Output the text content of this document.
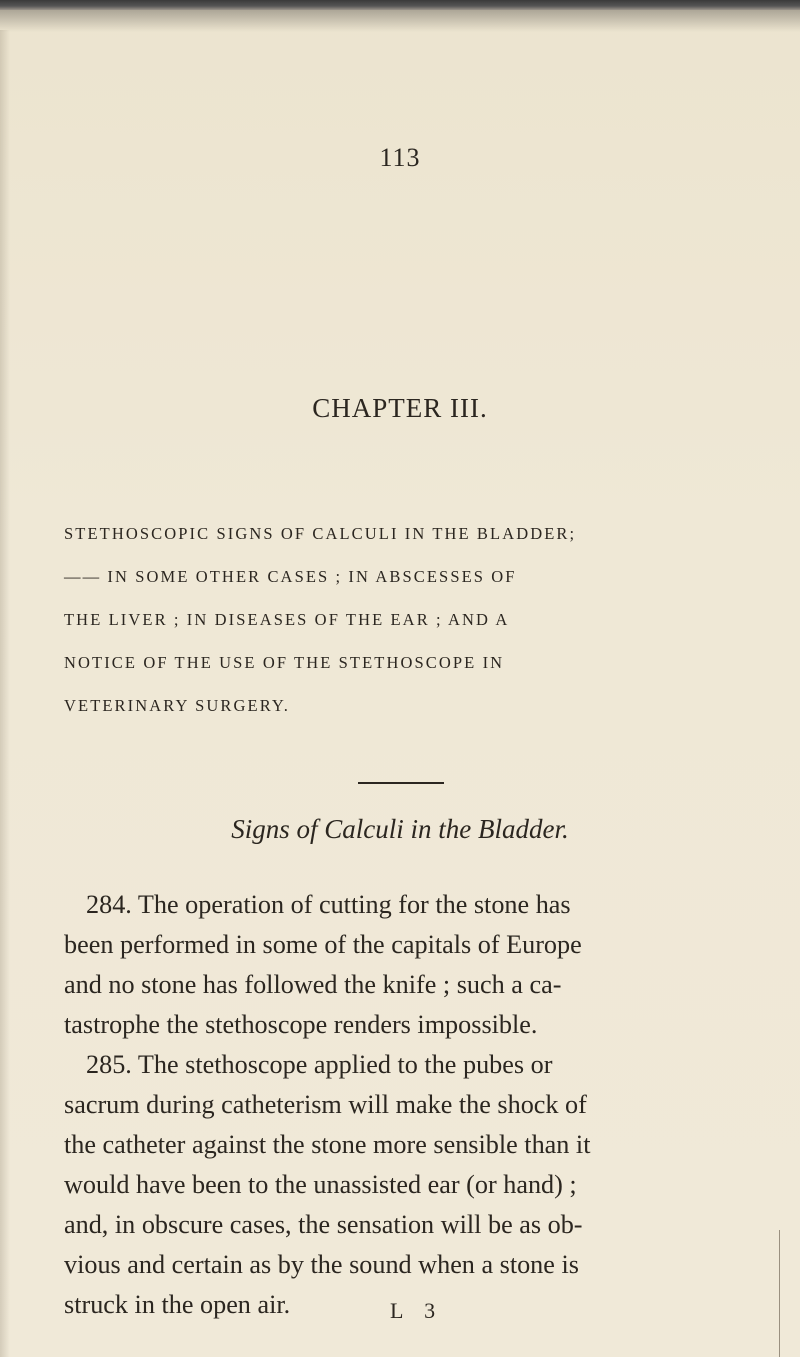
113
CHAPTER III.
STETHOSCOPIC SIGNS OF CALCULI IN THE BLADDER;
—— IN SOME OTHER CASES ; IN ABSCESSES OF
THE LIVER ; IN DISEASES OF THE EAR ; AND A
NOTICE OF THE USE OF THE STETHOSCOPE IN
VETERINARY SURGERY.
Signs of Calculi in the Bladder.
284. The operation of cutting for the stone has
been performed in some of the capitals of Europe
and no stone has followed the knife ; such a ca-
tastrophe the stethoscope renders impossible.
285. The stethoscope applied to the pubes or
sacrum during catheterism will make the shock of
the catheter against the stone more sensible than it
would have been to the unassisted ear (or hand) ;
and, in obscure cases, the sensation will be as ob-
vious and certain as by the sound when a stone is
struck in the open air.	L 3
